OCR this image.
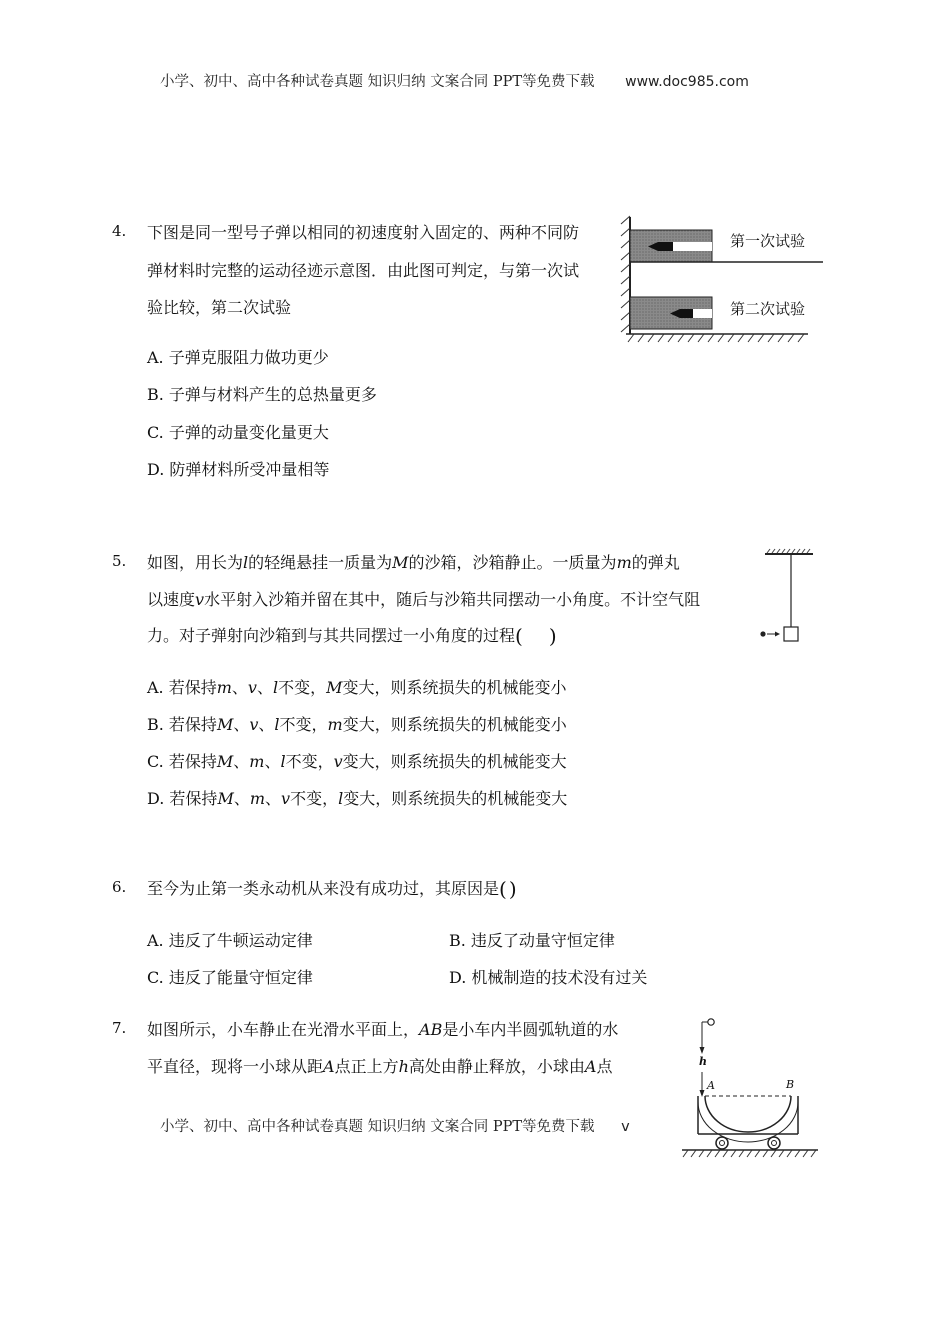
小学、初中、高中各种试卷真题 知识归纳 文案合同 PPT等免费下载 www.doc985.com
4. 下图是同一型号子弹以相同的初速度射入固定的、两种不同防
弹材料时完整的运动径迹示意图．由此图可判定，与第一次试
验比较，第二次试验
A. 子弹克服阻力做功更少
B. 子弹与材料产生的总热量更多
C. 子弹的动量变化量更大
D. 防弹材料所受冲量相等
第一次试验
第二次试验
5. 如图，用长为l的轻绳悬挂一质量为M的沙箱，沙箱静止。一质量为m的弹丸
以速度v水平射入沙箱并留在其中，随后与沙箱共同摆动一小角度。不计空气阻
力。对子弹射向沙箱到与其共同摆过一小角度的过程( )
A. 若保持m、v、l不变，M变大，则系统损失的机械能变小
B. 若保持M、v、l不变，m变大，则系统损失的机械能变小
C. 若保持M、m、l不变，v变大，则系统损失的机械能变大
D. 若保持M、m、v不变，l变大，则系统损失的机械能变大
6. 至今为止第一类永动机从来没有成功过，其原因是( )
A. 违反了牛顿运动定律	B. 违反了动量守恒定律
C. 违反了能量守恒定律	D. 机械制造的技术没有过关
7. 如图所示，小车静止在光滑水平面上，AB是小车内半圆弧轨道的水
平直径，现将一小球从距A点正上方h高处由静止释放，小球由A点	h
A	B
小学、初中、高中各种试卷真题 知识归纳 文案合同 PPT等免费下载 v
